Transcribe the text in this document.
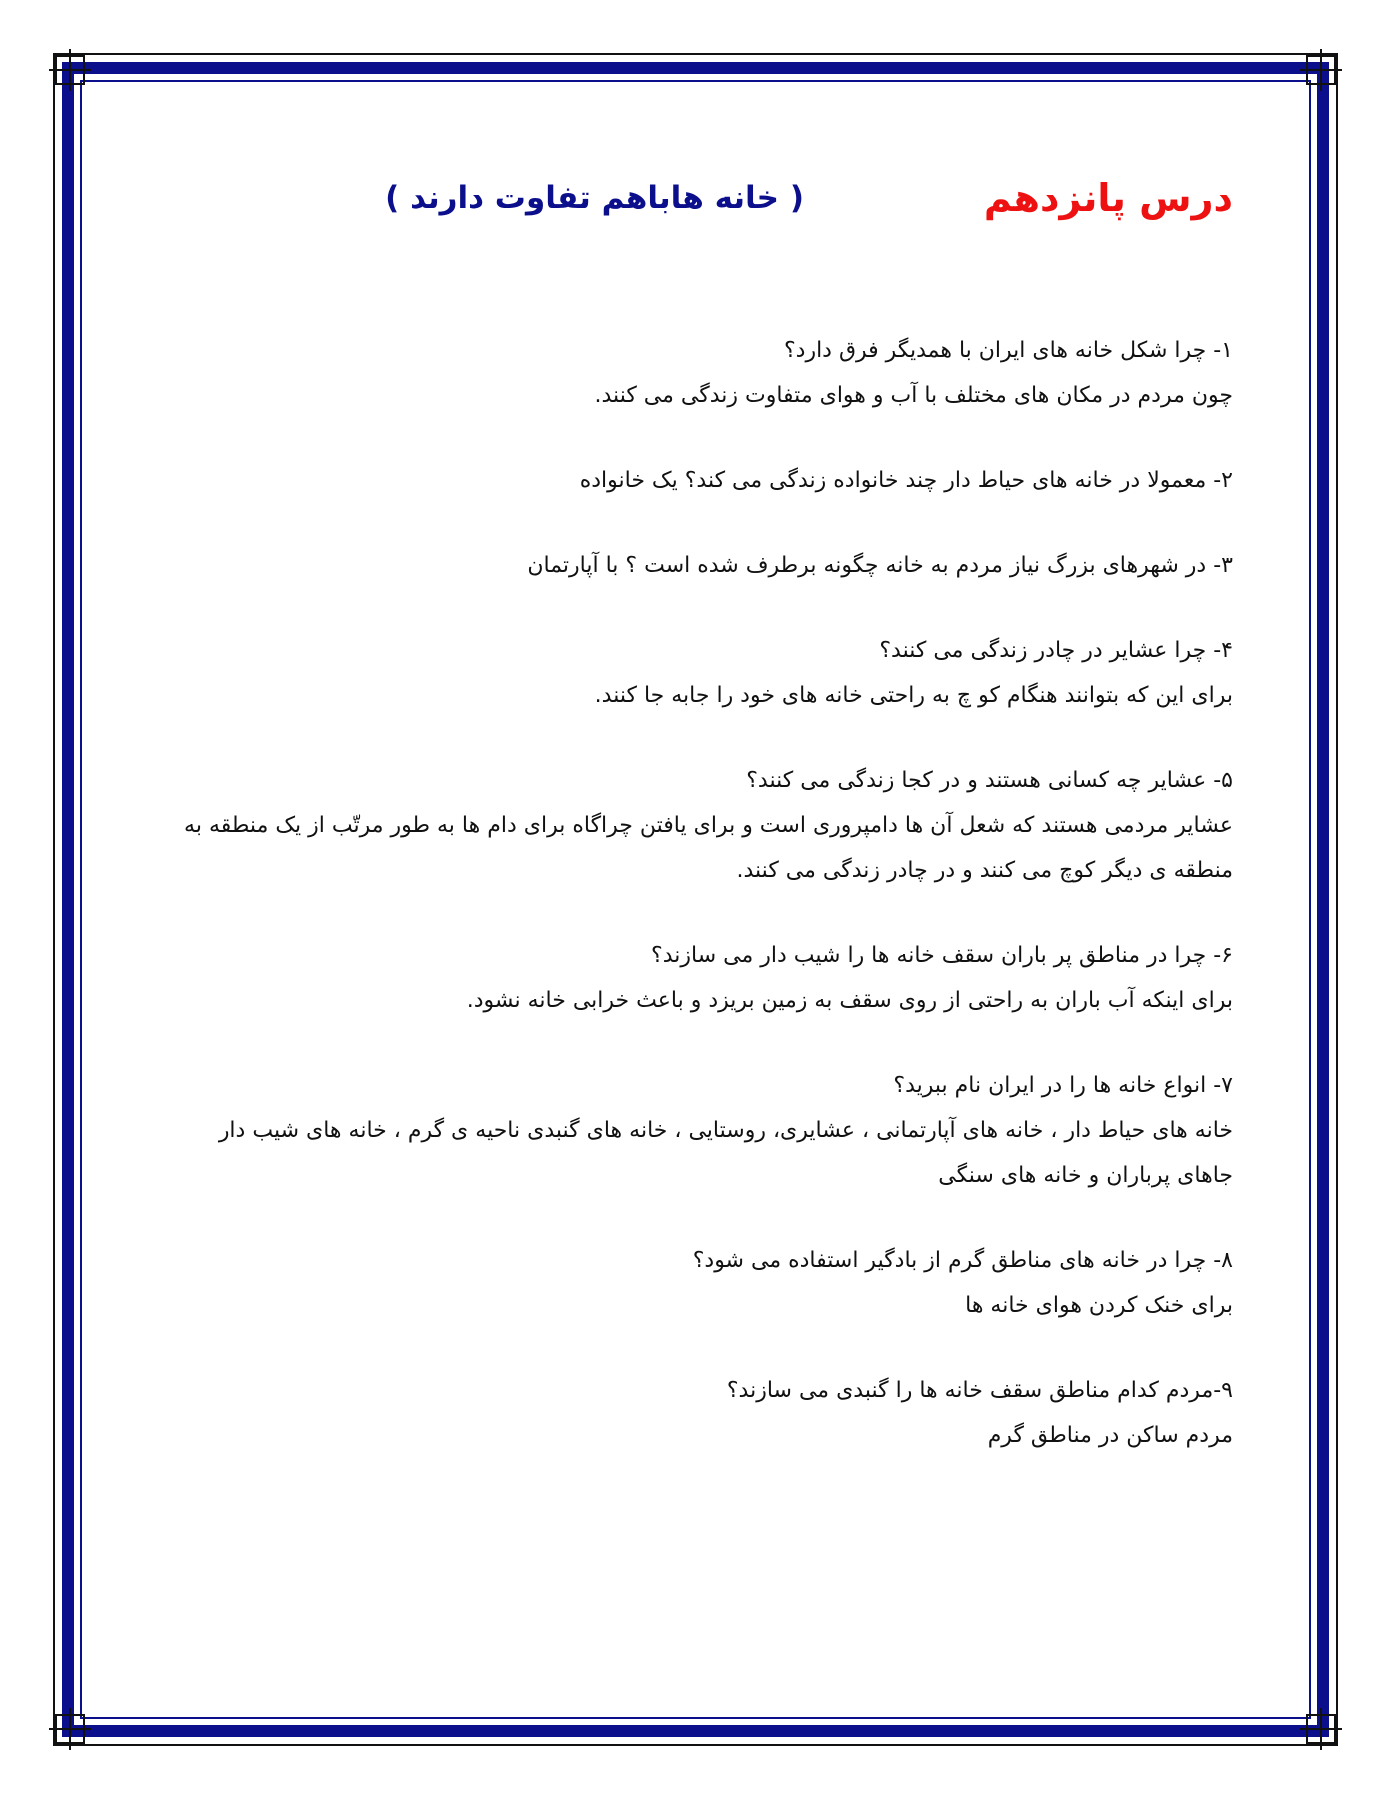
درس پانزدهم
( خانه هاباهم تفاوت دارند )

۱- چرا شکل خانه های ایران با همدیگر فرق دارد؟

چون مردم در مکان های مختلف با آب و هوای متفاوت زندگی می کنند.

۲- معمولا در خانه های حیاط دار چند خانواده زندگی می کند؟ یک خانواده

۳- در شهرهای بزرگ نیاز مردم به خانه چگونه برطرف شده است ؟ با آپارتمان

۴- چرا عشایر در چادر زندگی می کنند؟

برای این که بتوانند هنگام کو چ به راحتی خانه های خود را جابه جا کنند.

۵- عشایر چه کسانی هستند و در کجا زندگی می کنند؟

عشایر مردمی هستند که شعل آن ها دامپروری است و برای یافتن چراگاه برای دام ها به طور مرتّب از یک منطقه به منطقه ی دیگر کوچ می کنند و در چادر زندگی می کنند.

۶- چرا در مناطق پر باران سقف خانه ها را شیب دار می سازند؟

برای اینکه آب باران به راحتی از روی سقف به زمین بریزد و باعث خرابی خانه نشود.

۷- انواع خانه ها را در ایران نام ببرید؟

خانه های حیاط دار ، خانه های آپارتمانی ، عشایری، روستایی ، خانه های گنبدی ناحیه ی گرم ، خانه های شیب دار جاهای پرباران و خانه های سنگی

۸- چرا در خانه های مناطق گرم از بادگیر استفاده می شود؟

برای خنک کردن هوای خانه ها

۹-مردم کدام مناطق سقف خانه ها را گنبدی می سازند؟

مردم ساکن در مناطق گرم
